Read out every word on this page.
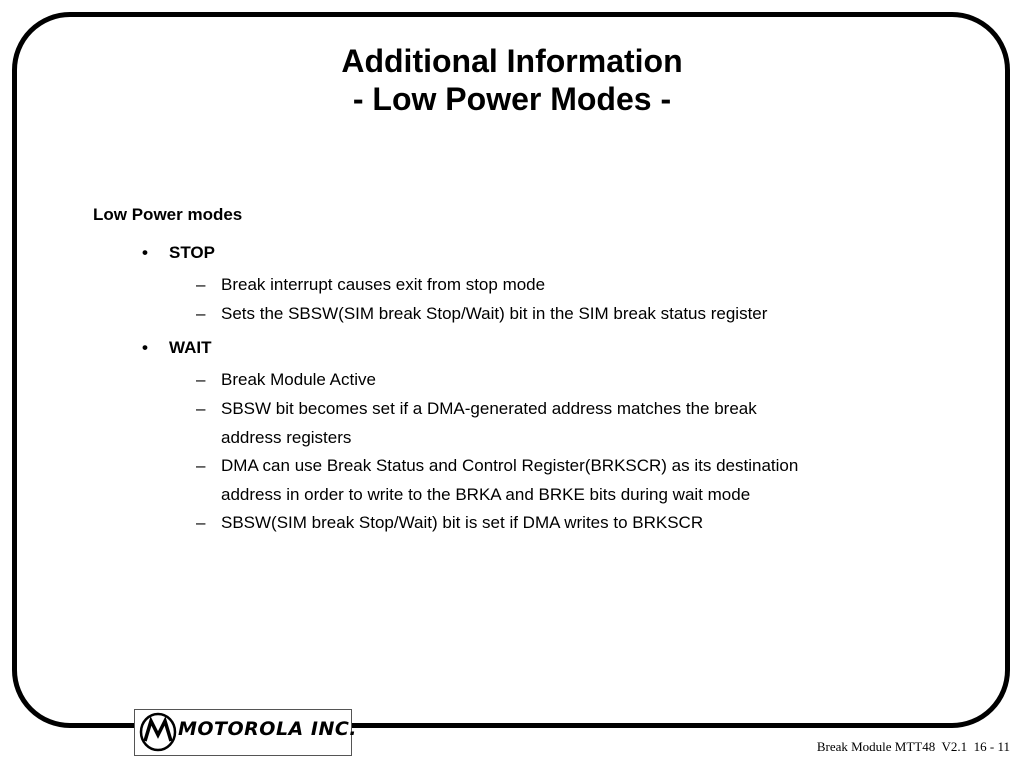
Additional Information
- Low Power Modes -
Low Power modes
• STOP
– Break interrupt causes exit from stop mode
– Sets the SBSW(SIM break Stop/Wait) bit in the SIM break status register
• WAIT
– Break Module Active
– SBSW bit becomes set if a DMA-generated address matches the break
address registers
– DMA can use Break Status and Control Register(BRKSCR) as its destination
address in order to write to the BRKA and BRKE bits during wait mode
– SBSW(SIM break Stop/Wait) bit is set if DMA writes to BRKSCR
MOTOROLA INC.
Break Module MTT48  V2.1  16 - 11
